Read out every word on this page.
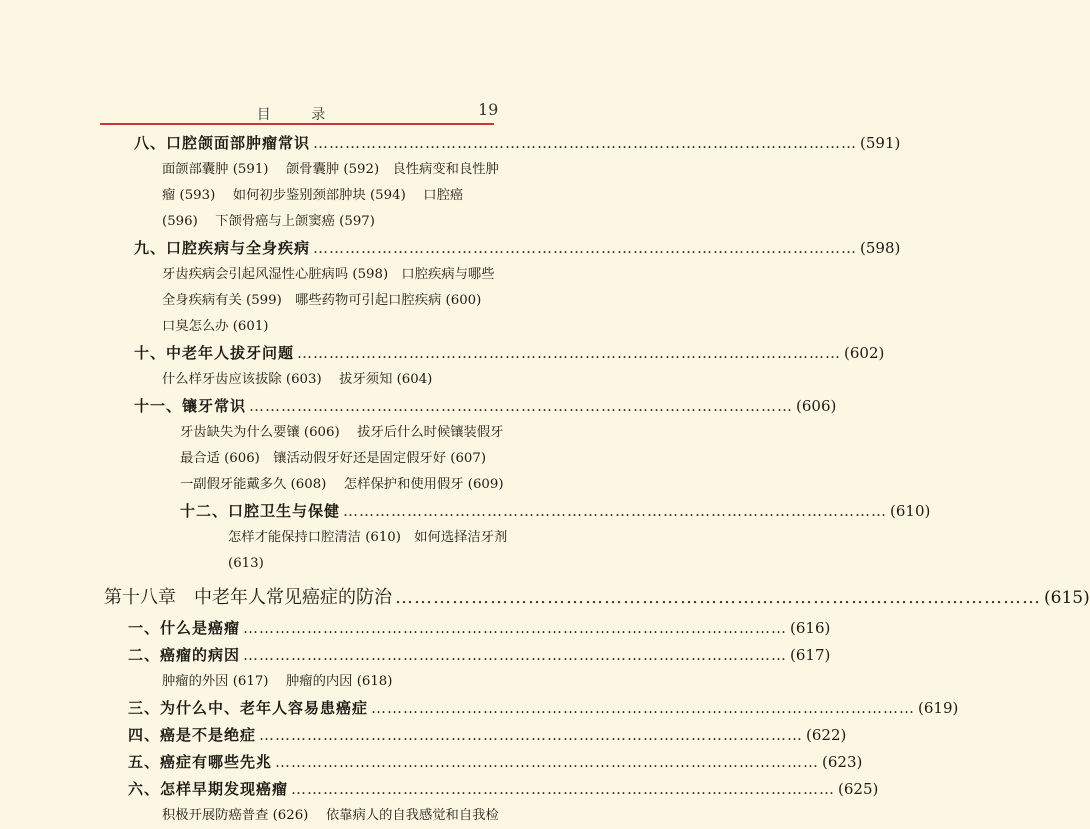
目 录	19
八、口腔颌面部肿瘤常识 ………………………………………………………………………………………… (591)
面颌部囊肿 (591)　 颌骨囊肿 (592)　良性病变和良性肿
瘤 (593)　 如何初步鉴别颈部肿块 (594)　 口腔癌
(596)　 下颌骨癌与上颌窦癌 (597)
九、口腔疾病与全身疾病 ………………………………………………………………………………………… (598)
牙齿疾病会引起风湿性心脏病吗 (598)　口腔疾病与哪些
全身疾病有关 (599)　哪些药物可引起口腔疾病 (600)
口臭怎么办 (601)
十、中老年人拔牙问题 ………………………………………………………………………………………… (602)
什么样牙齿应该拔除 (603)　 拔牙须知 (604)
十一、镶牙常识 ………………………………………………………………………………………… (606)
牙齿缺失为什么要镶 (606)　 拔牙后什么时候镶装假牙
最合适 (606)　镶活动假牙好还是固定假牙好 (607)
一副假牙能戴多久 (608)　 怎样保护和使用假牙 (609)
十二、口腔卫生与保健 ………………………………………………………………………………………… (610)
怎样才能保持口腔清洁 (610)　如何选择洁牙剂
(613)
第十八章　中老年人常见癌症的防治 ………………………………………………………………………………………… (615)
一、什么是癌瘤 ………………………………………………………………………………………… (616)
二、癌瘤的病因 ………………………………………………………………………………………… (617)
肿瘤的外因 (617)　 肿瘤的内因 (618)
三、为什么中、老年人容易患癌症 ………………………………………………………………………………………… (619)
四、癌是不是绝症 ………………………………………………………………………………………… (622)
五、癌症有哪些先兆 ………………………………………………………………………………………… (623)
六、怎样早期发现癌瘤 ………………………………………………………………………………………… (625)
积极开展防癌普查 (626)　 依靠病人的自我感觉和自我检
